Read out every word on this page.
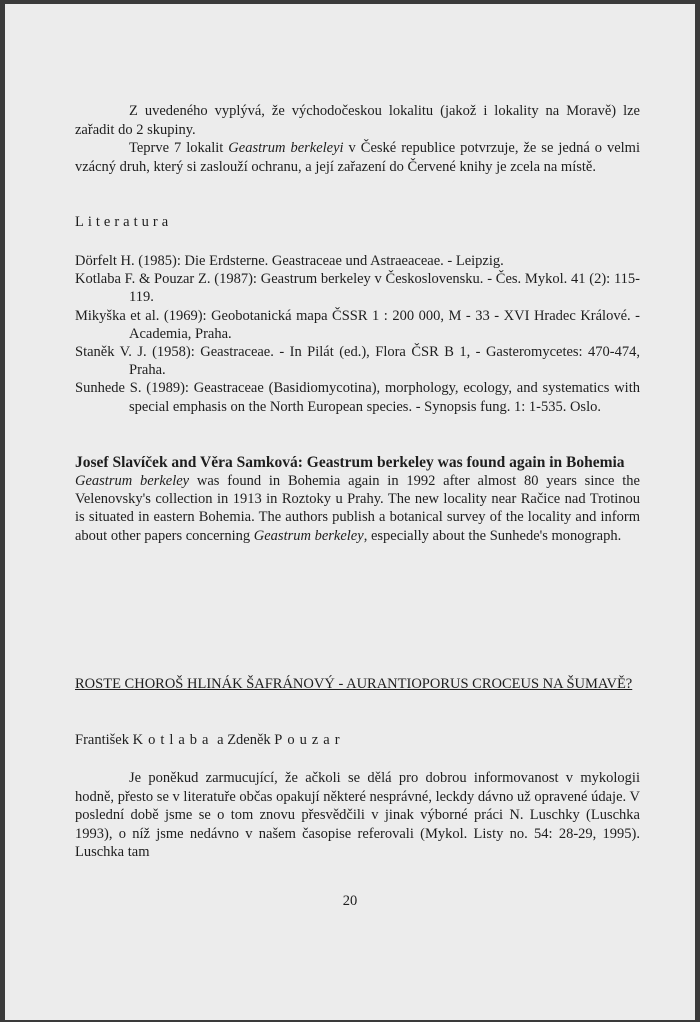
Z uvedeného vyplývá, že východočeskou lokalitu (jakož i lokality na Moravě) lze zařadit do 2 skupiny.

Teprve 7 lokalit Geastrum berkeleyi v České republice potvrzuje, že se jedná o velmi vzácný druh, který si zaslouží ochranu, a její zařazení do Červené knihy je zcela na místě.

Literatura

Dörfelt H. (1985): Die Erdsterne. Geastraceae und Astraeaceae. - Leipzig.

Kotlaba F. & Pouzar Z. (1987): Geastrum berkeley v Československu. - Čes. Mykol. 41 (2): 115-119.

Mikyška et al. (1969): Geobotanická mapa ČSSR 1 : 200 000, M - 33 - XVI Hradec Králové. - Academia, Praha.

Staněk V. J. (1958): Geastraceae. - In Pilát (ed.), Flora ČSR B 1, - Gasteromycetes: 470-474, Praha.

Sunhede S. (1989): Geastraceae (Basidiomycotina), morphology, ecology, and systematics with special emphasis on the North European species. - Synopsis fung. 1: 1-535. Oslo.

Josef Slavíček and Věra Samková: Geastrum berkeley was found again in Bohemia

Geastrum berkeley was found in Bohemia again in 1992 after almost 80 years since the Velenovsky's collection in 1913 in Roztoky u Prahy. The new locality near Račice nad Trotinou is situated in eastern Bohemia. The authors publish a botanical survey of the locality and inform about other papers concerning Geastrum berkeley, especially about the Sunhede's monograph.

ROSTE CHOROŠ HLINÁK ŠAFRÁNOVÝ - AURANTIOPORUS CROCEUS NA ŠUMAVĚ?
František Kotlaba a Zdeněk Pouzar

Je poněkud zarmucující, že ačkoli se dělá pro dobrou informovanost v mykologii hodně, přesto se v literatuře občas opakují některé nesprávné, leckdy dávno už opravené údaje. V poslední době jsme se o tom znovu přesvědčili v jinak výborné práci N. Luschky (Luschka 1993), o níž jsme nedávno v našem časopise referovali (Mykol. Listy no. 54: 28-29, 1995). Luschka tam

20
